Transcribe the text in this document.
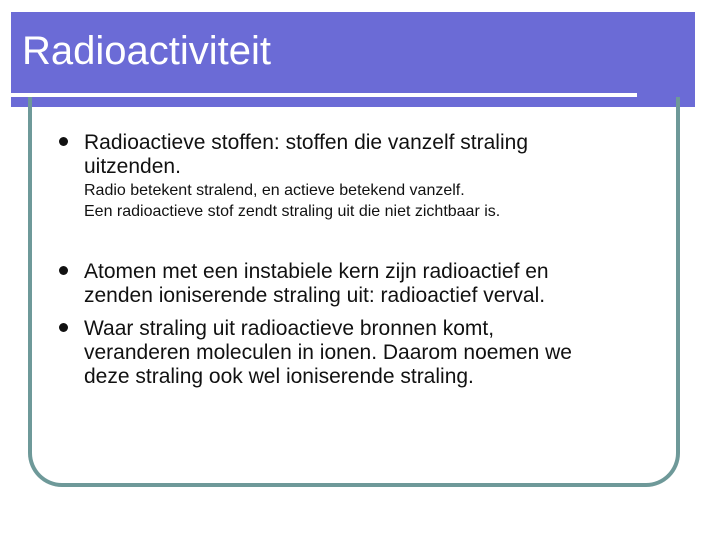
Radioactiviteit
Radioactieve stoffen: stoffen die vanzelf straling
uitzenden.
Radio betekent stralend, en actieve betekend vanzelf.
Een radioactieve stof zendt straling uit die niet zichtbaar is.
Atomen met een instabiele kern zijn radioactief en
zenden ioniserende straling uit: radioactief verval.
Waar straling uit radioactieve bronnen komt,
veranderen moleculen in ionen. Daarom noemen we
deze straling ook wel ioniserende straling.
